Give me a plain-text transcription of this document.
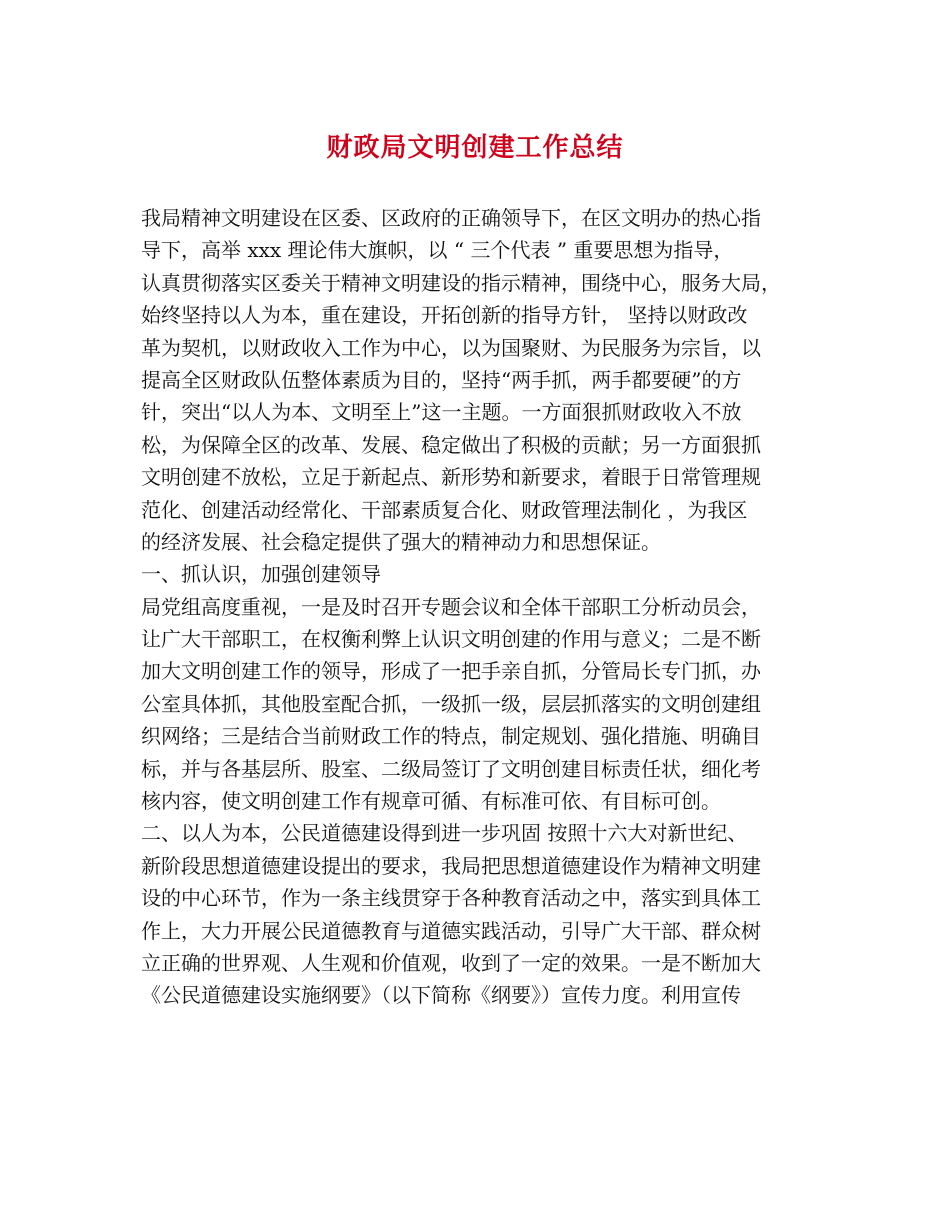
财政局文明创建工作总结
我局精神文明建设在区委、区政府的正确领导下，在区文明办的热心指
导下，高举 xxx 理论伟大旗帜，以 “ 三个代表 ” 重要思想为指导，
认真贯彻落实区委关于精神文明建设的指示精神，围绕中心，服务大局，
始终坚持以人为本，重在建设，开拓创新的指导方针， 坚持以财政改
革为契机，以财政收入工作为中心，以为国聚财、为民服务为宗旨，以
提高全区财政队伍整体素质为目的，坚持“两手抓，两手都要硬”的方
针，突出“以人为本、文明至上”这一主题。一方面狠抓财政收入不放
松，为保障全区的改革、发展、稳定做出了积极的贡献；另一方面狠抓
文明创建不放松，立足于新起点、新形势和新要求，着眼于日常管理规
范化、创建活动经常化、干部素质复合化、财政管理法制化 ，为我区
的经济发展、社会稳定提供了强大的精神动力和思想保证。
一、抓认识，加强创建领导
局党组高度重视，一是及时召开专题会议和全体干部职工分析动员会，
让广大干部职工，在权衡利弊上认识文明创建的作用与意义；二是不断
加大文明创建工作的领导，形成了一把手亲自抓，分管局长专门抓，办
公室具体抓，其他股室配合抓，一级抓一级，层层抓落实的文明创建组
织网络；三是结合当前财政工作的特点，制定规划、强化措施、明确目
标，并与各基层所、股室、二级局签订了文明创建目标责任状，细化考
核内容，使文明创建工作有规章可循、有标准可依、有目标可创。
二、以人为本，公民道德建设得到进一步巩固 按照十六大对新世纪、
新阶段思想道德建设提出的要求，我局把思想道德建设作为精神文明建
设的中心环节，作为一条主线贯穿于各种教育活动之中，落实到具体工
作上，大力开展公民道德教育与道德实践活动，引导广大干部、群众树
立正确的世界观、人生观和价值观，收到了一定的效果。一是不断加大
《公民道德建设实施纲要》（以下简称《纲要》）宣传力度。利用宣传
